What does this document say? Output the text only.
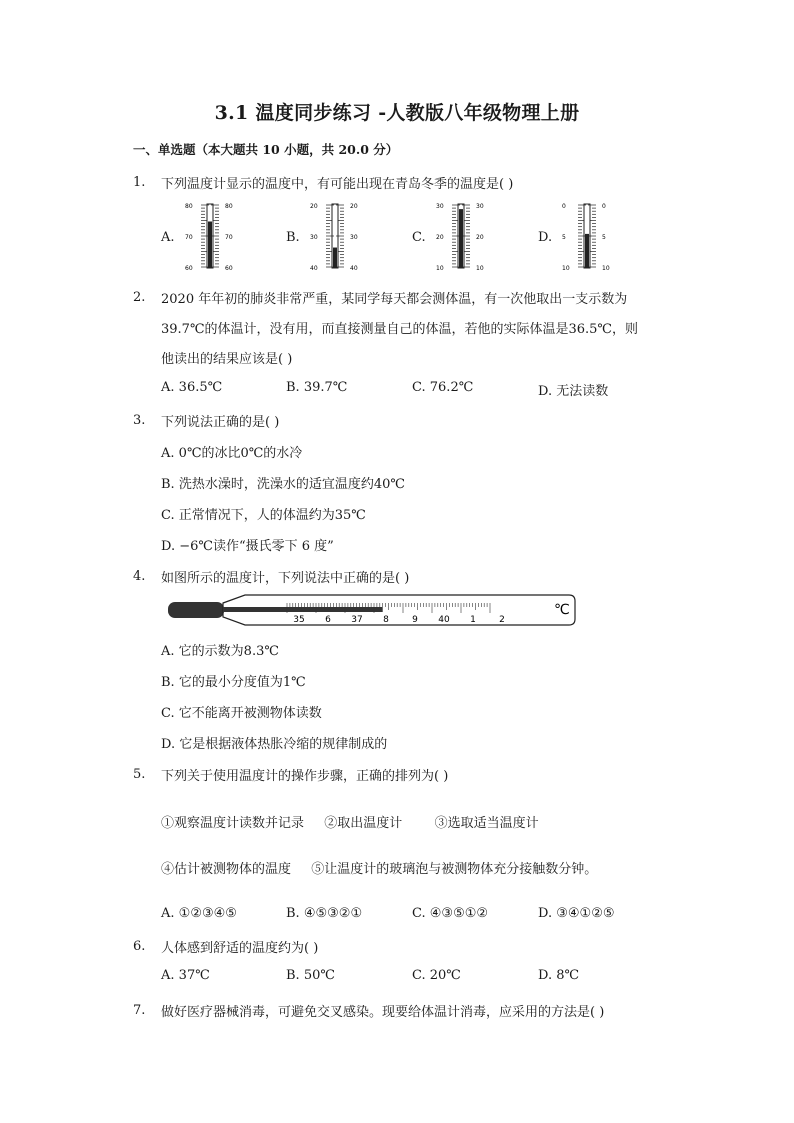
3.1 温度同步练习 -人教版八年级物理上册
一、单选题（本大题共 10 小题，共 20.0 分）
1. 下列温度计显示的温度中，有可能出现在青岛冬季的温度是( )
A.
80	80
70	70
60	60
B.
20	20
30	30
40	40
C.
30	30
20	20
10	10
D.
0	0
5	5
10	10
2. 2020 年年初的肺炎非常严重，某同学每天都会测体温，有一次他取出一支示数为
39.7℃的体温计，没有用，而直接测量自己的体温，若他的实际体温是36.5℃，则
他读出的结果应该是( )
A. 36.5℃	B. 39.7℃	C. 76.2℃	D. 无法读数
3. 下列说法正确的是( )
A. 0℃的冰比0℃的水冷
B. 洗热水澡时，洗澡水的适宜温度约40℃
C. 正常情况下，人的体温约为35℃
D. −6℃读作“摄氏零下 6 度”
4. 如图所示的温度计，下列说法中正确的是( )
35 6 37 8	9 40 1	2
℃
A. 它的示数为8.3℃
B. 它的最小分度值为1℃
C. 它不能离开被测物体读数
D. 它是根据液体热胀冷缩的规律制成的
5. 下列关于使用温度计的操作步骤，正确的排列为( )
①观察温度计读数并记录 ②取出温度计 ③选取适当温度计
④估计被测物体的温度 ⑤让温度计的玻璃泡与被测物体充分接触数分钟。
A. ①②③④⑤	B. ④⑤③②①	C. ④③⑤①②	D. ③④①②⑤
6. 人体感到舒适的温度约为( )
A. 37℃	B. 50℃	C. 20℃	D. 8℃
7. 做好医疗器械消毒，可避免交叉感染。现要给体温计消毒，应采用的方法是( )
